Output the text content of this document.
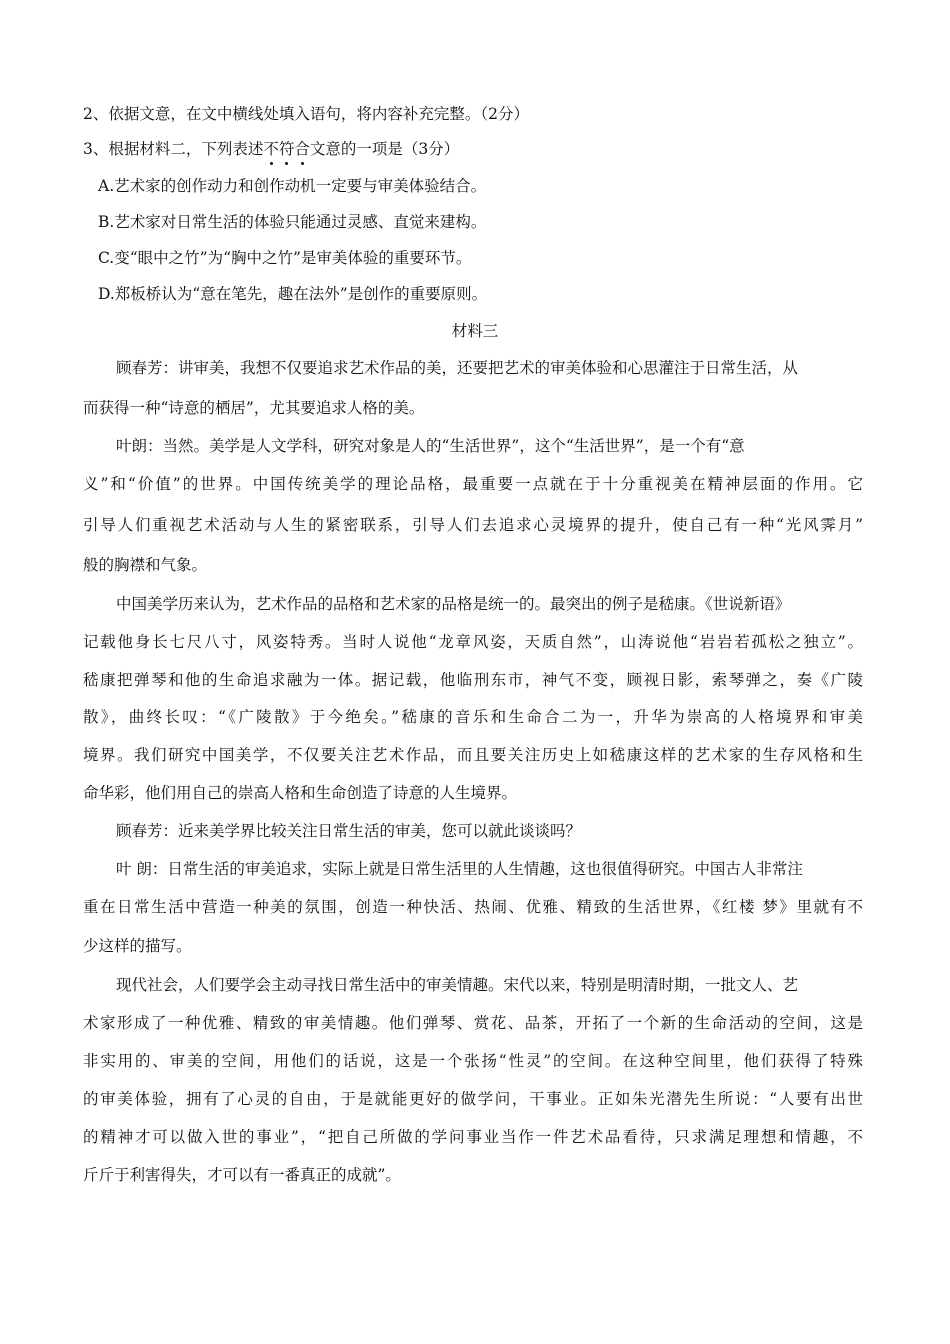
2、依据文意，在文中横线处填入语句，将内容补充完整。（2分）
3、根据材料二，下列表述不符合文意的一项是（3分）
A.艺术家的创作动力和创作动机一定要与审美体验结合。
B.艺术家对日常生活的体验只能通过灵感、直觉来建构。
C.变“眼中之竹”为“胸中之竹”是审美体验的重要环节。
D.郑板桥认为“意在笔先，趣在法外”是创作的重要原则。
材料三
顾春芳：讲审美，我想不仅要追求艺术作品的美，还要把艺术的审美体验和心思灌注于日常生活，从
而获得一种“诗意的栖居”，尤其要追求人格的美。
叶朗：当然。美学是人文学科，研究对象是人的“生活世界”，这个“生活世界”，是一个有“意
义”和“价值”的世界。中国传统美学的理论品格，最重要一点就在于十分重视美在精神层面的作用。它
引导人们重视艺术活动与人生的紧密联系，引导人们去追求心灵境界的提升，使自己有一种“光风霁月”
般的胸襟和气象。
中国美学历来认为，艺术作品的品格和艺术家的品格是统一的。最突出的例子是嵇康。《世说新语》
记载他身长七尺八寸，风姿特秀。当时人说他“龙章风姿，天质自然”，山涛说他“岩岩若孤松之独立”。
嵇康把弹琴和他的生命追求融为一体。据记载，他临刑东市，神气不变，顾视日影，索琴弹之，奏《广陵
散》，曲终长叹：“《广陵散》于今绝矣。”嵇康的音乐和生命合二为一，升华为崇高的人格境界和审美
境界。我们研究中国美学，不仅要关注艺术作品，而且要关注历史上如嵇康这样的艺术家的生存风格和生
命华彩，他们用自己的崇高人格和生命创造了诗意的人生境界。
顾春芳：近来美学界比较关注日常生活的审美，您可以就此谈谈吗？
叶 朗：日常生活的审美追求，实际上就是日常生活里的人生情趣，这也很值得研究。中国古人非常注
重在日常生活中营造一种美的氛围，创造一种快活、热闹、优雅、精致的生活世界，《红楼 梦》里就有不
少这样的描写。
现代社会，人们要学会主动寻找日常生活中的审美情趣。宋代以来，特别是明清时期，一批文人、艺
术家形成了一种优雅、精致的审美情趣。他们弹琴、赏花、品茶，开拓了一个新的生命活动的空间，这是
非实用的、审美的空间，用他们的话说，这是一个张扬“性灵”的空间。在这种空间里，他们获得了特殊
的审美体验，拥有了心灵的自由，于是就能更好的做学问，干事业。正如朱光潜先生所说：“人要有出世
的精神才可以做入世的事业”，“把自己所做的学问事业当作一件艺术品看待，只求满足理想和情趣，不
斤斤于利害得失，才可以有一番真正的成就”。
